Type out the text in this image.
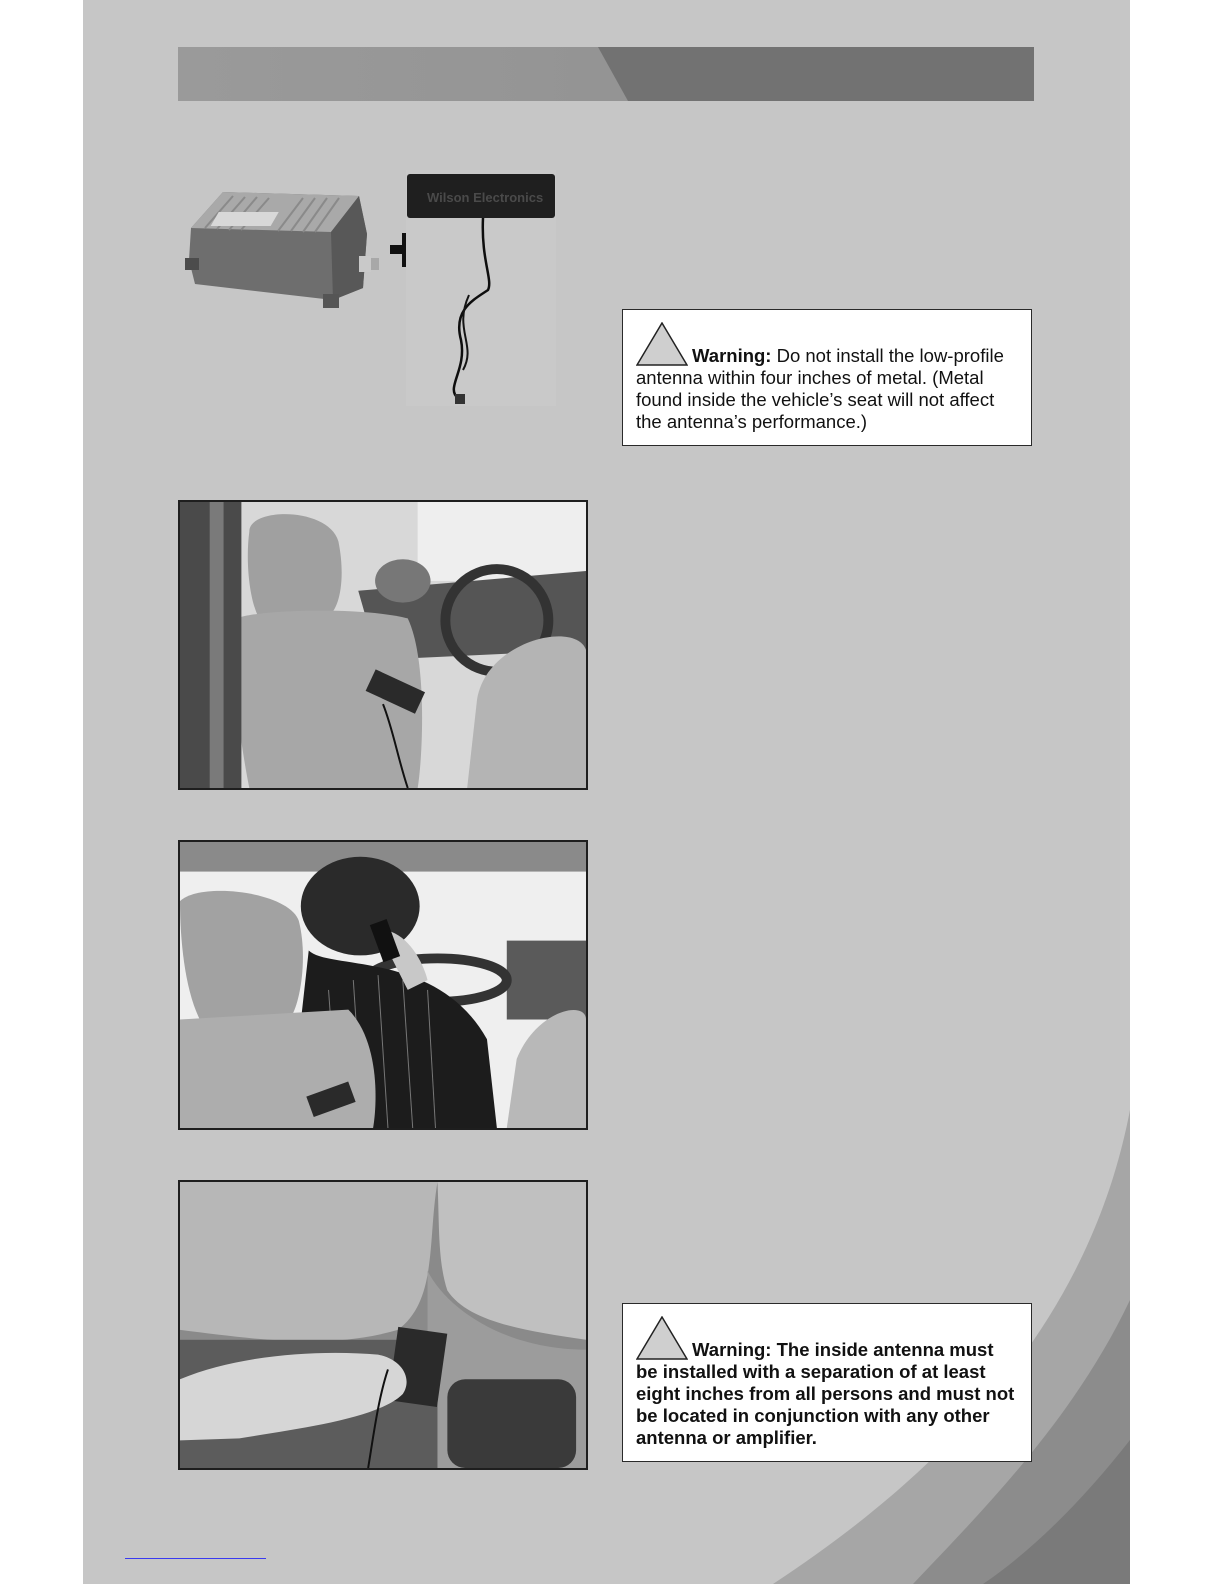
Wilson Electronics
Warning: Do not install the low-profile antenna within four inches of metal. (Metal found inside the vehicle’s seat will not affect the antenna’s performance.)
Warning: The inside antenna must be installed with a separation of at least eight inches from all persons and must not be located in conjunction with any other antenna or amplifier.
